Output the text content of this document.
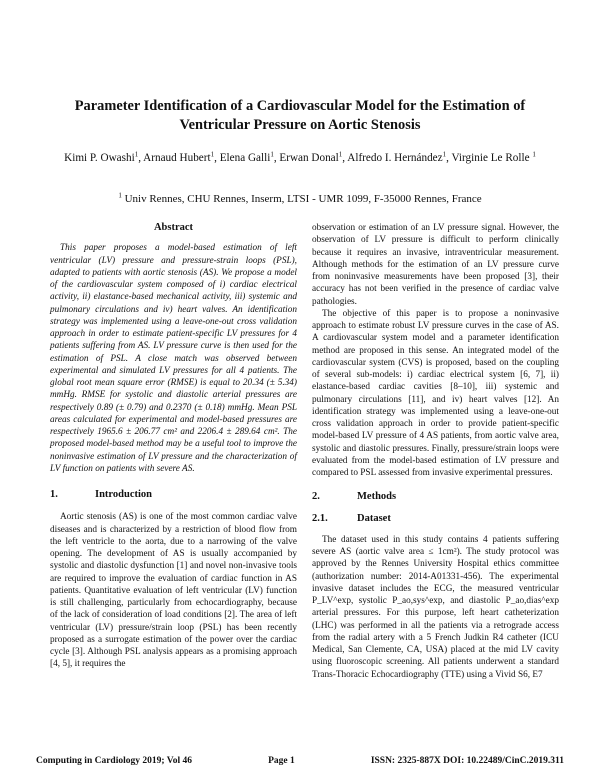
Parameter Identification of a Cardiovascular Model for the Estimation of Ventricular Pressure on Aortic Stenosis
Kimi P. Owashi$^1$, Arnaud Hubert$^1$, Elena Galli$^1$, Erwan Donal$^1$, Alfredo I. Hernández$^1$, Virginie Le Rolle $^1$
$^1$ Univ Rennes, CHU Rennes, Inserm, LTSI - UMR 1099, F-35000 Rennes, France
Abstract

This paper proposes a model-based estimation of left ventricular (LV) pressure and pressure-strain loops (PSL), adapted to patients with aortic stenosis (AS). We propose a model of the cardiovascular system composed of i) cardiac electrical activity, ii) elastance-based mechanical activity, iii) systemic and pulmonary circulations and iv) heart valves. An identification strategy was implemented using a leave-one-out cross validation approach in order to estimate patient-specific LV pressures for 4 patients suffering from AS. LV pressure curve is then used for the estimation of PSL. A close match was observed between experimental and simulated LV pressures for all 4 patients. The global root mean square error (RMSE) is equal to 20.34 (± 5.34) mmHg. RMSE for systolic and diastolic arterial pressures are respectively 0.89 (± 0.79) and 0.2370 (± 0.18) mmHg. Mean PSL areas calculated for experimental and model-based pressures are respectively 1965.6 ± 206.77 cm² and 2206.4 ± 289.64 cm². The proposed model-based method may be a useful tool to improve the noninvasive estimation of LV pressure and the characterization of LV function on patients with severe AS.

1.	Introduction

Aortic stenosis (AS) is one of the most common cardiac valve diseases and is characterized by a restriction of blood flow from the left ventricle to the aorta, due to a narrowing of the valve opening. The development of AS is usually accompanied by systolic and diastolic dysfunction [1] and novel non-invasive tools are required to improve the evaluation of cardiac function in AS patients. Quantitative evaluation of left ventricular (LV) function is still challenging, particularly from echocardiography, because of the lack of consideration of load conditions [2]. The area of left ventricular (LV) pressure/strain loop (PSL) has been recently proposed as a surrogate estimation of the power over the cardiac cycle [3]. Although PSL analysis appears as a promising approach [4, 5], it requires the

observation or estimation of an LV pressure signal. However, the observation of LV pressure is difficult to perform clinically because it requires an invasive, intraventricular measurement. Although methods for the estimation of an LV pressure curve from noninvasive measurements have been proposed [3], their accuracy has not been verified in the presence of cardiac valve pathologies.

The objective of this paper is to propose a noninvasive approach to estimate robust LV pressure curves in the case of AS. A cardiovascular system model and a parameter identification method are proposed in this sense. An integrated model of the cardiovascular system (CVS) is proposed, based on the coupling of several sub-models: i) cardiac electrical system [6, 7], ii) elastance-based cardiac cavities [8–10], iii) systemic and pulmonary circulations [11], and iv) heart valves [12]. An identification strategy was implemented using a leave-one-out cross validation approach in order to provide patient-specific model-based LV pressure of 4 AS patients, from aortic valve area, systolic and diastolic pressures. Finally, pressure/strain loops were evaluated from the model-based estimation of LV pressure and compared to PSL assessed from invasive experimental pressures.

2.	Methods
2.1.	Dataset

The dataset used in this study contains 4 patients suffering severe AS (aortic valve area ≤ 1cm²). The study protocol was approved by the Rennes University Hospital ethics committee (authorization number: 2014-A01331-456). The experimental invasive dataset includes the ECG, the measured ventricular P_LV^exp, systolic P_ao,sys^exp, and diastolic P_ao,dias^exp arterial pressures. For this purpose, left heart catheterization (LHC) was performed in all the patients via a retrograde access from the radial artery with a 5 French Judkin R4 catheter (ICU Medical, San Clemente, CA, USA) placed at the mid LV cavity using fluoroscopic screening. All patients underwent a standard Trans-Thoracic Echocardiography (TTE) using a Vivid S6, E7

Computing in Cardiology 2019; Vol 46	Page 1	ISSN: 2325-887X DOI: 10.22489/CinC.2019.311
